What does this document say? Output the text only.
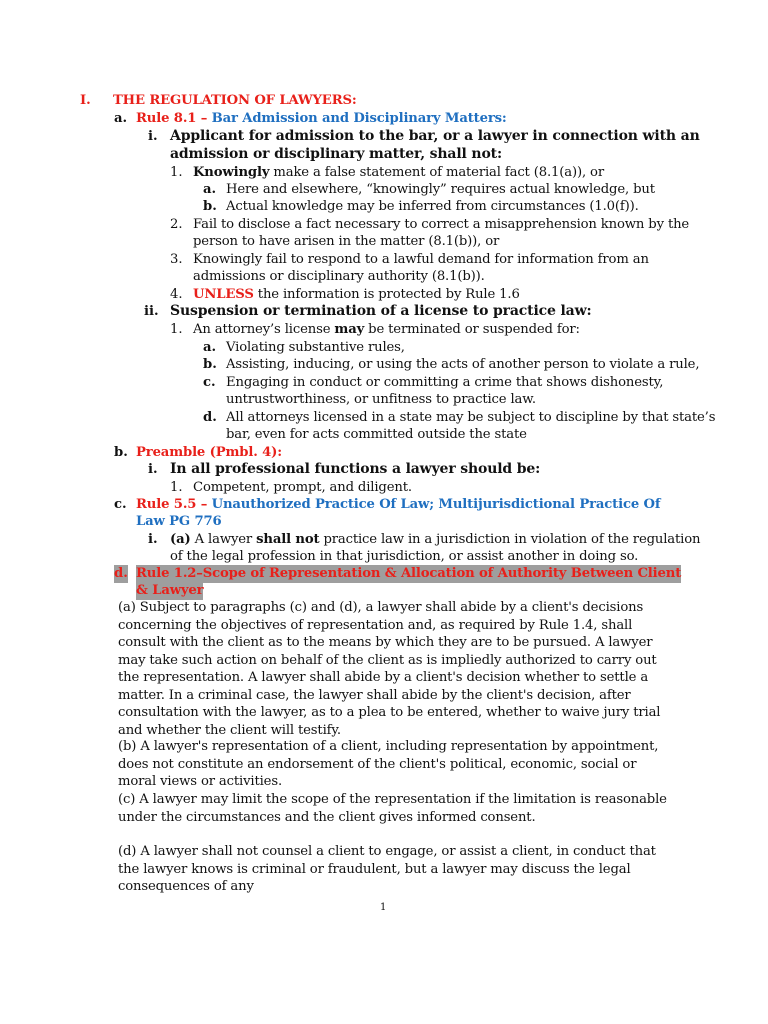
I. THE REGULATION OF LAWYERS:
a. Rule 8.1 – Bar Admission and Disciplinary Matters:
i. Applicant for admission to the bar, or a lawyer in connection with an
admission or disciplinary matter, shall not:
1. Knowingly make a false statement of material fact (8.1(a)), or
a. Here and elsewhere, “knowingly” requires actual knowledge, but
b. Actual knowledge may be inferred from circumstances (1.0(f)).
2. Fail to disclose a fact necessary to correct a misapprehension known by the
person to have arisen in the matter (8.1(b)), or
3. Knowingly fail to respond to a lawful demand for information from an
admissions or disciplinary authority (8.1(b)).
4. UNLESS the information is protected by Rule 1.6
ii. Suspension or termination of a license to practice law:
1. An attorney’s license may be terminated or suspended for:
a. Violating substantive rules,
b. Assisting, inducing, or using the acts of another person to violate a rule,
c. Engaging in conduct or committing a crime that shows dishonesty,
untrustworthiness, or unfitness to practice law.
d. All attorneys licensed in a state may be subject to discipline by that state’s
bar, even for acts committed outside the state
b. Preamble (Pmbl. 4):
i. In all professional functions a lawyer should be:
1. Competent, prompt, and diligent.
c. Rule 5.5 – Unauthorized Practice Of Law; Multijurisdictional Practice Of
Law PG 776
i. (a) A lawyer shall not practice law in a jurisdiction in violation of the regulation
of the legal profession in that jurisdiction, or assist another in doing so.
d. Rule 1.2–Scope of Representation & Allocation of Authority Between Client
& Lawyer
(a) Subject to paragraphs (c) and (d), a lawyer shall abide by a client's decisions concerning the objectives of representation and, as required by Rule 1.4, shall consult with the client as to the means by which they are to be pursued. A lawyer may take such action on behalf of the client as is impliedly authorized to carry out the representation. A lawyer shall abide by a client's decision whether to settle a matter. In a criminal case, the lawyer shall abide by the client's decision, after consultation with the lawyer, as to a plea to be entered, whether to waive jury trial and whether the client will testify.
(b) A lawyer's representation of a client, including representation by appointment, does not constitute an endorsement of the client's political, economic, social or moral views or activities.
(c) A lawyer may limit the scope of the representation if the limitation is reasonable under the circumstances and the client gives informed consent.
(d) A lawyer shall not counsel a client to engage, or assist a client, in conduct that the lawyer knows is criminal or fraudulent, but a lawyer may discuss the legal consequences of any
1
